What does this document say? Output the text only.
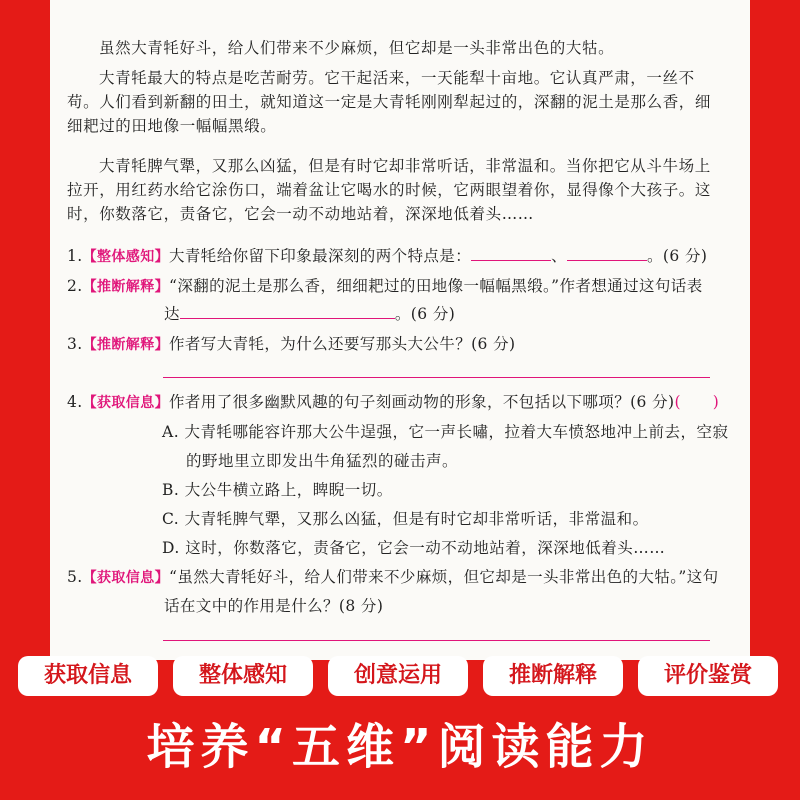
虽然大青牦好斗，给人们带来不少麻烦，但它却是一头非常出色的大牯。
大青牦最大的特点是吃苦耐劳。它干起活来，一天能犁十亩地。它认真严肃，一丝不苟。人们看到新翻的田土，就知道这一定是大青牦刚刚犁起过的，深翻的泥土是那么香，细细耙过的田地像一幅幅黑缎。
大青牦脾气犟，又那么凶猛，但是有时它却非常听话，非常温和。当你把它从斗牛场上拉开，用红药水给它涂伤口，端着盆让它喝水的时候，它两眼望着你，显得像个大孩子。这时，你数落它，责备它，它会一动不动地站着，深深地低着头……
1.【整体感知】大青牦给你留下印象最深刻的两个特点是：	、	。(6 分)
2.【推断解释】“深翻的泥土是那么香，细细耙过的田地像一幅幅黑缎。”作者想通过这句话表
达	。(6 分)
3.【推断解释】作者写大青牦，为什么还要写那头大公牛？(6 分)
4.【获取信息】作者用了很多幽默风趣的句子刻画动物的形象，不包括以下哪项？(6 分)(　　)
A. 大青牦哪能容许那大公牛逞强，它一声长嘯，拉着大车愤怒地冲上前去，空寂
的野地里立即发出牛角猛烈的碰击声。
B. 大公牛横立路上，睥睨一切。
C. 大青牦脾气犟，又那么凶猛，但是有时它却非常听话，非常温和。
D. 这时，你数落它，责备它，它会一动不动地站着，深深地低着头……
5.【获取信息】“虽然大青牦好斗，给人们带来不少麻烦，但它却是一头非常出色的大牯。”这句
话在文中的作用是什么？(8 分)
获取信息	整体感知	创意运用	推断解释	评价鉴赏
培养“五维”阅读能力
